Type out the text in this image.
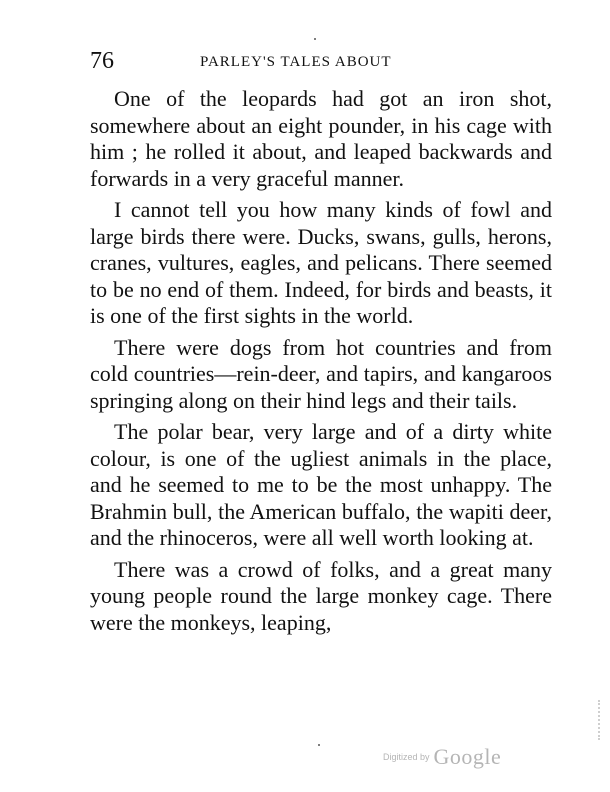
76	PARLEY'S TALES ABOUT

One of the leopards had got an iron shot, somewhere about an eight pounder, in his cage with him ; he rolled it about, and leaped backwards and forwards in a very graceful manner.

I cannot tell you how many kinds of fowl and large birds there were. Ducks, swans, gulls, herons, cranes, vultures, eagles, and pelicans. There seemed to be no end of them. Indeed, for birds and beasts, it is one of the first sights in the world.

There were dogs from hot countries and from cold countries—rein-deer, and tapirs, and kangaroos springing along on their hind legs and their tails.

The polar bear, very large and of a dirty white colour, is one of the ugliest animals in the place, and he seemed to me to be the most unhappy. The Brahmin bull, the American buffalo, the wapiti deer, and the rhinoceros, were all well worth looking at.

There was a crowd of folks, and a great many young people round the large monkey cage. There were the monkeys, leaping,

Digitized by Google
